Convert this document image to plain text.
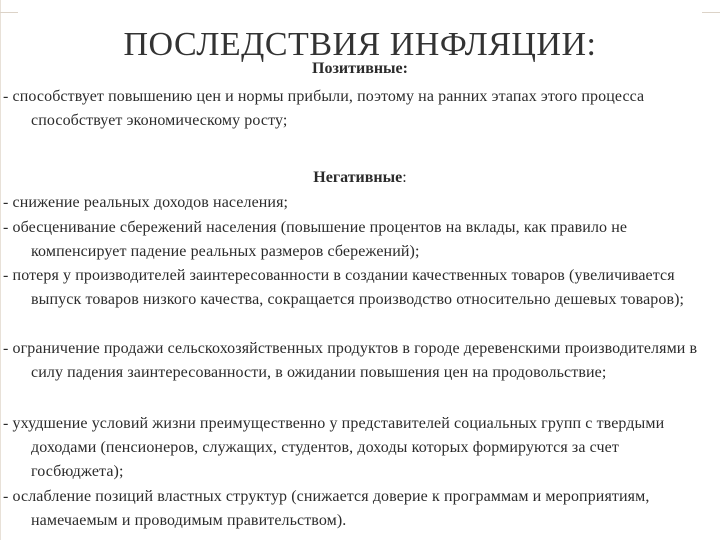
ПОСЛЕДСТВИЯ ИНФЛЯЦИИ:
Позитивные:
- способствует повышению цен и нормы прибыли, поэтому на ранних этапах этого процесса способствует экономическому росту;
Негативные:
- снижение реальных доходов населения;
- обесценивание сбережений населения (повышение процентов на вклады, как правило не компенсирует падение реальных размеров сбережений);
- потеря у производителей заинтересованности в создании качественных товаров (увеличивается выпуск товаров низкого качества, сокращается производство относительно дешевых товаров);
- ограничение продажи сельскохозяйственных продуктов в городе деревенскими производителями в силу падения заинтересованности, в ожидании повышения цен на продовольствие;
- ухудшение условий жизни преимущественно у представителей социальных групп с твердыми доходами (пенсионеров, служащих, студентов, доходы которых формируются за счет госбюджета);
- ослабление позиций властных структур (снижается доверие к программам и мероприятиям, намечаемым и проводимым правительством).
